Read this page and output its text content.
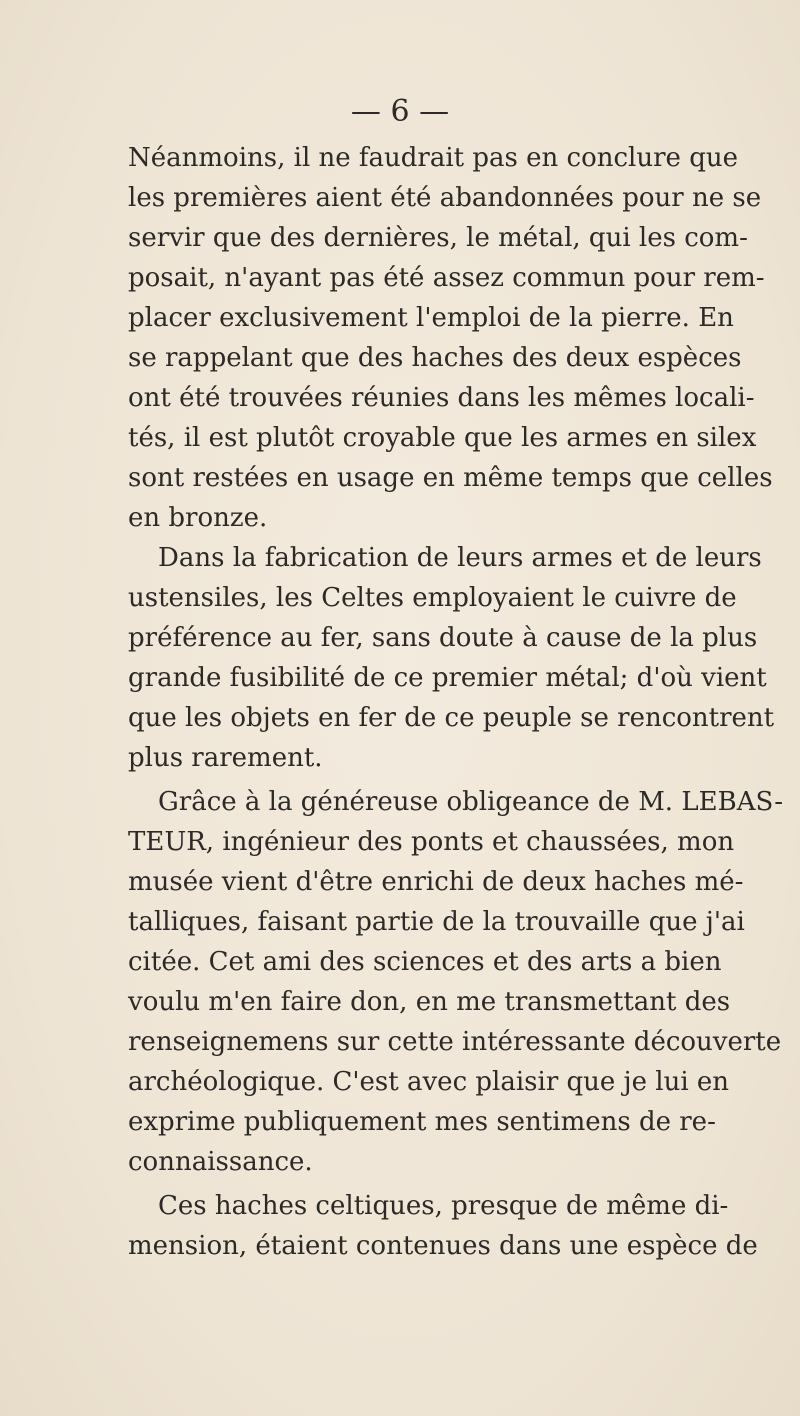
— 6 —
Néanmoins, il ne faudrait pas en conclure que
les premières aient été abandonnées pour ne se
servir que des dernières, le métal, qui les com-
posait, n'ayant pas été assez commun pour rem-
placer exclusivement l'emploi de la pierre. En
se rappelant que des haches des deux espèces
ont été trouvées réunies dans les mêmes locali-
tés, il est plutôt croyable que les armes en silex
sont restées en usage en même temps que celles
en bronze.
Dans la fabrication de leurs armes et de leurs
ustensiles, les Celtes employaient le cuivre de
préférence au fer, sans doute à cause de la plus
grande fusibilité de ce premier métal; d'où vient
que les objets en fer de ce peuple se rencontrent
plus rarement.
Grâce à la généreuse obligeance de M. LEBAS-
TEUR, ingénieur des ponts et chaussées, mon
musée vient d'être enrichi de deux haches mé-
talliques, faisant partie de la trouvaille que j'ai
citée. Cet ami des sciences et des arts a bien
voulu m'en faire don, en me transmettant des
renseignemens sur cette intéressante découverte
archéologique. C'est avec plaisir que je lui en
exprime publiquement mes sentimens de re-
connaissance.
Ces haches celtiques, presque de même di-
mension, étaient contenues dans une espèce de
